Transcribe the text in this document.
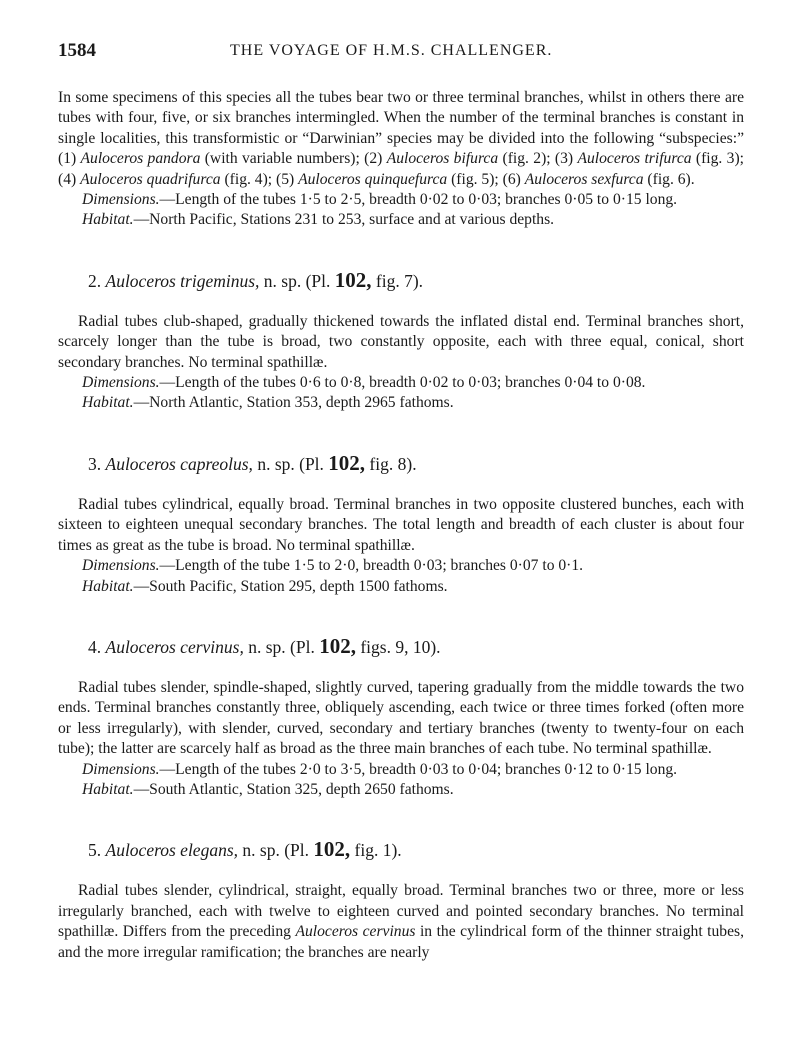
1584	THE VOYAGE OF H.M.S. CHALLENGER.

In some specimens of this species all the tubes bear two or three terminal branches, whilst in others there are tubes with four, five, or six branches intermingled. When the number of the terminal branches is constant in single localities, this transformistic or “Darwinian” species may be divided into the following “subspecies:” (1) Auloceros pandora (with variable numbers); (2) Auloceros bifurca (fig. 2); (3) Auloceros trifurca (fig. 3); (4) Auloceros quadrifurca (fig. 4); (5) Auloceros quinquefurca (fig. 5); (6) Auloceros sexfurca (fig. 6).

Dimensions.—Length of the tubes 1·5 to 2·5, breadth 0·02 to 0·03; branches 0·05 to 0·15 long.

Habitat.—North Pacific, Stations 231 to 253, surface and at various depths.

2. Auloceros trigeminus, n. sp. (Pl. 102, fig. 7).

Radial tubes club-shaped, gradually thickened towards the inflated distal end. Terminal branches short, scarcely longer than the tube is broad, two constantly opposite, each with three equal, conical, short secondary branches. No terminal spathillæ.

Dimensions.—Length of the tubes 0·6 to 0·8, breadth 0·02 to 0·03; branches 0·04 to 0·08.

Habitat.—North Atlantic, Station 353, depth 2965 fathoms.

3. Auloceros capreolus, n. sp. (Pl. 102, fig. 8).

Radial tubes cylindrical, equally broad. Terminal branches in two opposite clustered bunches, each with sixteen to eighteen unequal secondary branches. The total length and breadth of each cluster is about four times as great as the tube is broad. No terminal spathillæ.

Dimensions.—Length of the tube 1·5 to 2·0, breadth 0·03; branches 0·07 to 0·1.

Habitat.—South Pacific, Station 295, depth 1500 fathoms.

4. Auloceros cervinus, n. sp. (Pl. 102, figs. 9, 10).

Radial tubes slender, spindle-shaped, slightly curved, tapering gradually from the middle towards the two ends. Terminal branches constantly three, obliquely ascending, each twice or three times forked (often more or less irregularly), with slender, curved, secondary and tertiary branches (twenty to twenty-four on each tube); the latter are scarcely half as broad as the three main branches of each tube. No terminal spathillæ.

Dimensions.—Length of the tubes 2·0 to 3·5, breadth 0·03 to 0·04; branches 0·12 to 0·15 long.

Habitat.—South Atlantic, Station 325, depth 2650 fathoms.

5. Auloceros elegans, n. sp. (Pl. 102, fig. 1).

Radial tubes slender, cylindrical, straight, equally broad. Terminal branches two or three, more or less irregularly branched, each with twelve to eighteen curved and pointed secondary branches. No terminal spathillæ. Differs from the preceding Auloceros cervinus in the cylindrical form of the thinner straight tubes, and the more irregular ramification; the branches are nearly
